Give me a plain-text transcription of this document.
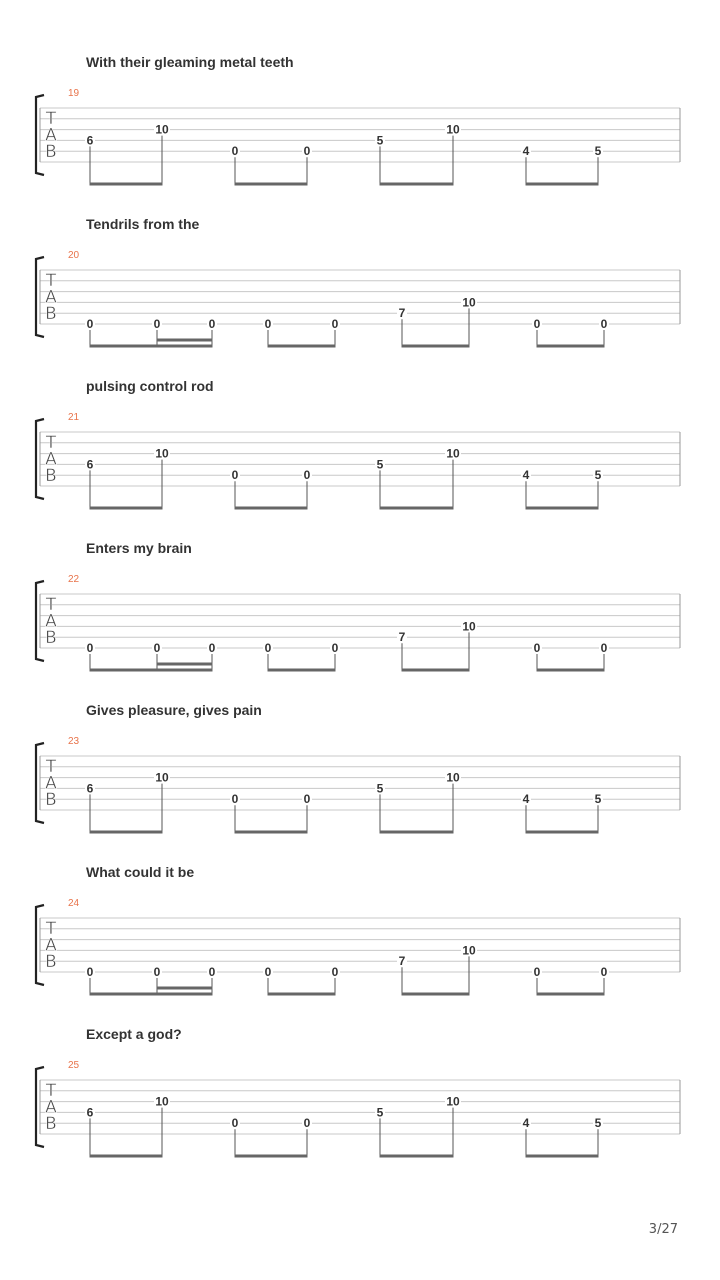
With their gleaming metal teeth
19
T
A
B
6
10
0	0
5
10
4	5
Tendrils from the
20
T
A
B
0	0	0	0	0
7
10
0	0
pulsing control rod
21
T
A
B
6
10
0	0
5
10
4	5
Enters my brain
22
T
A
B
0	0	0	0	0
7
10
0	0
Gives pleasure, gives pain
23
T
A
B
6
10
0	0
5
10
4	5
What could it be
24
T
A
B
0	0	0	0	0
7
10
0	0
Except a god?
25
T
A
B
6
10
0	0
5
10
4	5
3/27
